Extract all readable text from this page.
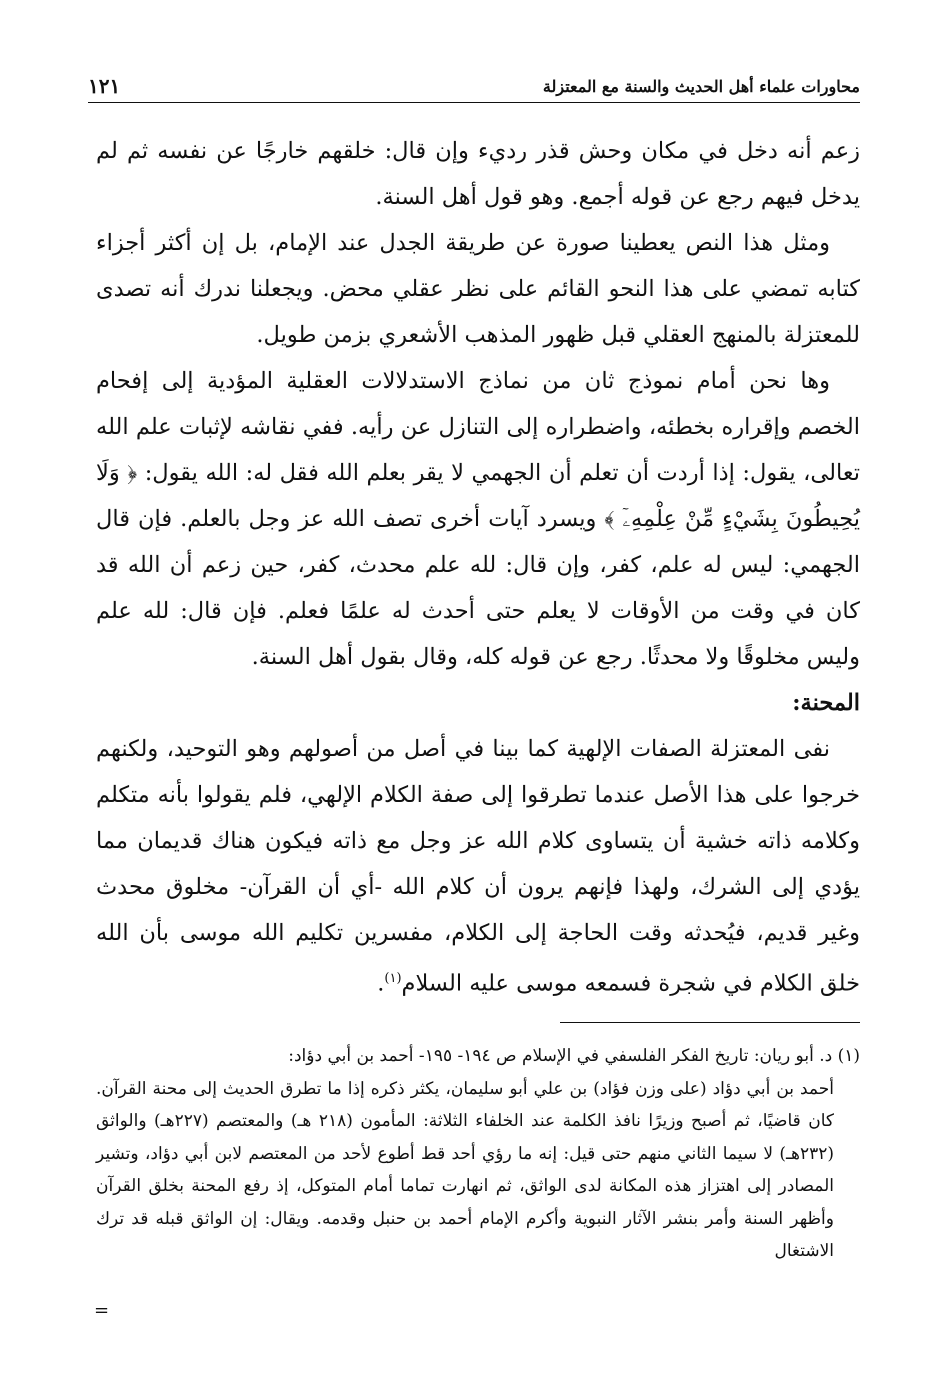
محاورات علماء أهل الحديث والسنة مع المعتزلة
١٢١

زعم أنه دخل في مكان وحش قذر رديء وإن قال: خلقهم خارجًا عن نفسه ثم لم يدخل فيهم رجع عن قوله أجمع. وهو قول أهل السنة.

ومثل هذا النص يعطينا صورة عن طريقة الجدل عند الإمام، بل إن أكثر أجزاء كتابه تمضي على هذا النحو القائم على نظر عقلي محض. ويجعلنا ندرك أنه تصدى للمعتزلة بالمنهج العقلي قبل ظهور المذهب الأشعري بزمن طويل.

وها نحن أمام نموذج ثان من نماذج الاستدلالات العقلية المؤدية إلى إفحام الخصم وإقراره بخطئه، واضطراره إلى التنازل عن رأيه. ففي نقاشه لإثبات علم الله تعالى، يقول: إذا أردت أن تعلم أن الجهمي لا يقر بعلم الله فقل له: الله يقول: ﴿ وَلَا يُحِيطُونَ بِشَيْءٍ مِّنْ عِلْمِهِۦٓ ﴾ ويسرد آيات أخرى تصف الله عز وجل بالعلم. فإن قال الجهمي: ليس له علم، كفر، وإن قال: لله علم محدث، كفر، حين زعم أن الله قد كان في وقت من الأوقات لا يعلم حتى أحدث له علمًا فعلم. فإن قال: لله علم وليس مخلوقًا ولا محدثًا. رجع عن قوله كله، وقال بقول أهل السنة.

المحنة:

نفى المعتزلة الصفات الإلهية كما بينا في أصل من أصولهم وهو التوحيد، ولكنهم خرجوا على هذا الأصل عندما تطرقوا إلى صفة الكلام الإلهي، فلم يقولوا بأنه متكلم وكلامه ذاته خشية أن يتساوى كلام الله عز وجل مع ذاته فيكون هناك قديمان مما يؤدي إلى الشرك، ولهذا فإنهم يرون أن كلام الله -أي أن القرآن- مخلوق محدث وغير قديم، فيُحدثه وقت الحاجة إلى الكلام، مفسرين تكليم الله موسى بأن الله خلق الكلام في شجرة فسمعه موسى عليه السلام$^{(١)}$.

(١) د. أبو ريان: تاريخ الفكر الفلسفي في الإسلام ص ١٩٤- ١٩٥- أحمد بن أبي دؤاد:

أحمد بن أبي دؤاد (على وزن فؤاد) بن علي أبو سليمان، يكثر ذكره إذا ما تطرق الحديث إلى محنة القرآن. كان قاضيًا، ثم أصبح وزيرًا نافذ الكلمة عند الخلفاء الثلاثة: المأمون (٢١٨ هـ) والمعتصم (٢٢٧هـ) والواثق (٢٣٢هـ) لا سيما الثاني منهم حتى قيل: إنه ما رؤي أحد قط أطوع لأحد من المعتصم لابن أبي دؤاد، وتشير المصادر إلى اهتزاز هذه المكانة لدى الواثق، ثم انهارت تماما أمام المتوكل، إذ رفع المحنة بخلق القرآن وأظهر السنة وأمر بنشر الآثار النبوية وأكرم الإمام أحمد بن حنبل وقدمه. ويقال: إن الواثق قبله قد ترك الاشتغال

=
